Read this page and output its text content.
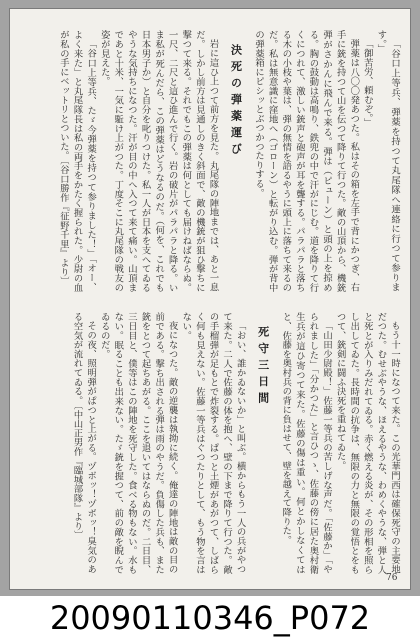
「谷口上等兵、弾薬を持つて丸尾隊へ連絡に行つて参ります。」

「御苦労、頼むぞ。」

弾薬は八〇〇発あつた。私はその箱を左手で背にかつぎ、右手に銃を持つて山を伝つて降りて行つた。敵の山頂から、機銃弾がさかんに飛んで来る。弾は（ピューン）と頭の上を掠める。胸の鼓動は高鳴り、鉄兜の中で汗がにじむ。道を降りて行くにつれて、激しい銃声と砲声が耳を聾する。パラパラと落ちる木の小枝や葉は、弾の無情を語るやうに頭上に落ちて来るのだ。私は無意識に窪地へ（ゴローン）と転がり込む。弾が背中の弾薬箱にピシッとぶつかつたりする。

決死の弾薬運び

岩に這ひ上つて前方を見た。丸尾隊の陣地までは、あと一息だ。しかし前方は見通しのきく斜面で、敵の機銃が狙ひ撃ちに撃つて来る。それでもこの弾薬は何としても届けねばならぬ。一尺、二尺と這ひ進んで行く。岩の破片がパラパラと降る。いま私が死んだら、この弾薬はどうなるのだ。（何を、これでも日本男子か）と自分を叱りつけた。私一人が日本を支へてゐるやうな気持ちになつた。汗が目の中へ入つて来て痛い。山頂まであと十米、一気に駈け上がつた。丁度そこに丸尾隊の戦友の姿が見えた。

「谷口上等兵、たゞ今弾薬を持つて参りました！」「オー、よく来た」と丸尾隊長は私の両手をかたく握られた。少尉の血が私の手にベットリとついた。〔谷口勝作『征野千里』より〕

もう十一時になつて来た。この光華門西は確保死守の主要地だつた。むせぶやうな、ほえるやうな、わめくやうな、弾と人と死とが入りみだれてゐる。赤く燃える炎が、その形相を照らし出してゐた。長時間の抗争は、無限の力と無限の覚悟とをもつて、銃剣に闘ふ決死を重ねてゐた。

「山田少尉殿！」佐藤一等兵の苦しげな声だ。「佐藤か」「やられました」「分かつた」と言ひつゝ、佐藤の傍に居た奥村衛生兵が這ひ寄つて来た。佐藤の傷は重い。何とかしなくてはと、佐藤を奥村兵の背に負はせて、壁を越えて降りた。

死守三日間

「おい、誰かゐないか」と叫ぶ。横からもう一人の兵がやつて来た。二人で佐藤の体を抱へ、壁の下まで降りて行つた。敵の手榴弾が足もとで炸裂する。ぱつと土煙があがつて、しばらく何も見えない。佐藤一等兵はぐつたりとして、もう物を言はない。

夜になつた。敵の逆襲は執拗に続く。俺達の陣地は敵の目の前である。撃ち出される弾は雨のやうだ。負傷した兵も、また銃をとつて起ちあがる。ここを退いてはならぬのだ。二日目、三日目と、僕等はこの陣地を死守した。食べる物もない。水もない。眠ることも出来ない。たゞ銃を握つて、前の敵を睨んでゐるのだ。

その夜、照明弾がぱつと上がる。ヅボッ！ヅボッ！臭気のある空気が流れてゐる。〔中山正男作『臨城部隊』より〕

76
20090110346_P072
